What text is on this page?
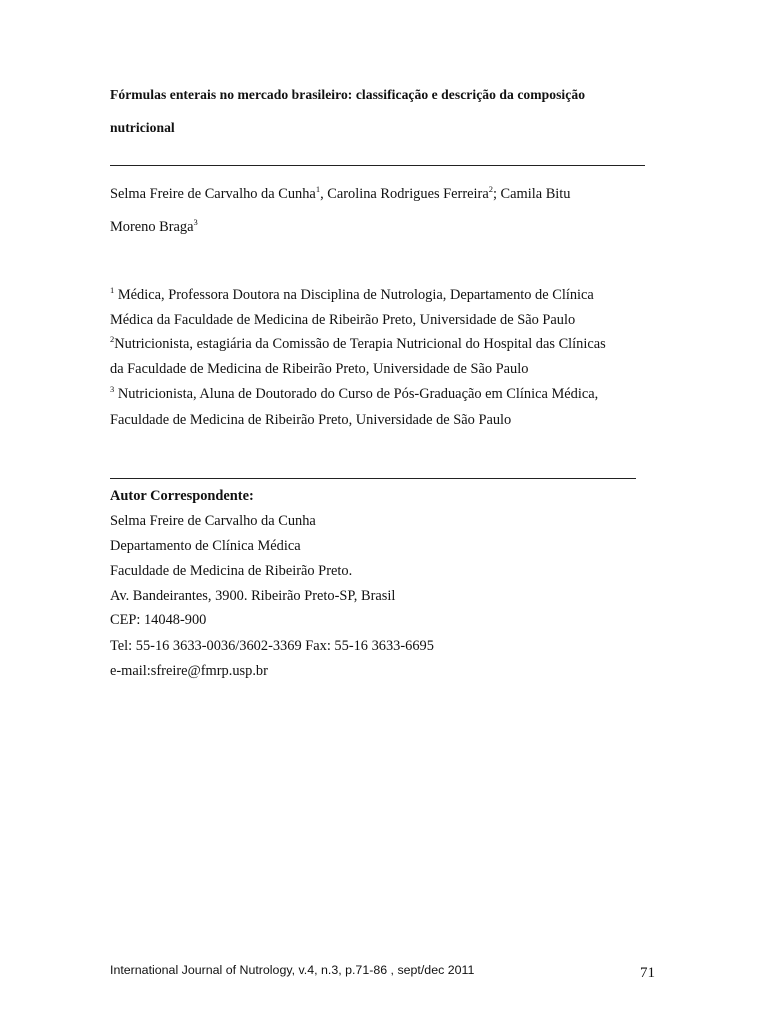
Fórmulas enterais no mercado brasileiro: classificação e descrição da composição
nutricional
Selma Freire de Carvalho da Cunha$^1$, Carolina Rodrigues Ferreira$^2$; Camila Bitu
Moreno Braga$^3$
$^1$ Médica, Professora Doutora na Disciplina de Nutrologia, Departamento de Clínica
Médica da Faculdade de Medicina de Ribeirão Preto, Universidade de São Paulo
$^2$Nutricionista, estagiária da Comissão de Terapia Nutricional do Hospital das Clínicas
da Faculdade de Medicina de Ribeirão Preto, Universidade de São Paulo
$^3$ Nutricionista, Aluna de Doutorado do Curso de Pós-Graduação em Clínica Médica,
Faculdade de Medicina de Ribeirão Preto, Universidade de São Paulo
Autor Correspondente:
Selma Freire de Carvalho da Cunha
Departamento de Clínica Médica
Faculdade de Medicina de Ribeirão Preto.
Av. Bandeirantes, 3900. Ribeirão Preto-SP, Brasil
CEP: 14048-900
Tel: 55-16 3633-0036/3602-3369 Fax: 55-16 3633-6695
e-mail:sfreire@fmrp.usp.br
International Journal of Nutrology, v.4, n.3, p.71-86 , sept/dec 2011	71
